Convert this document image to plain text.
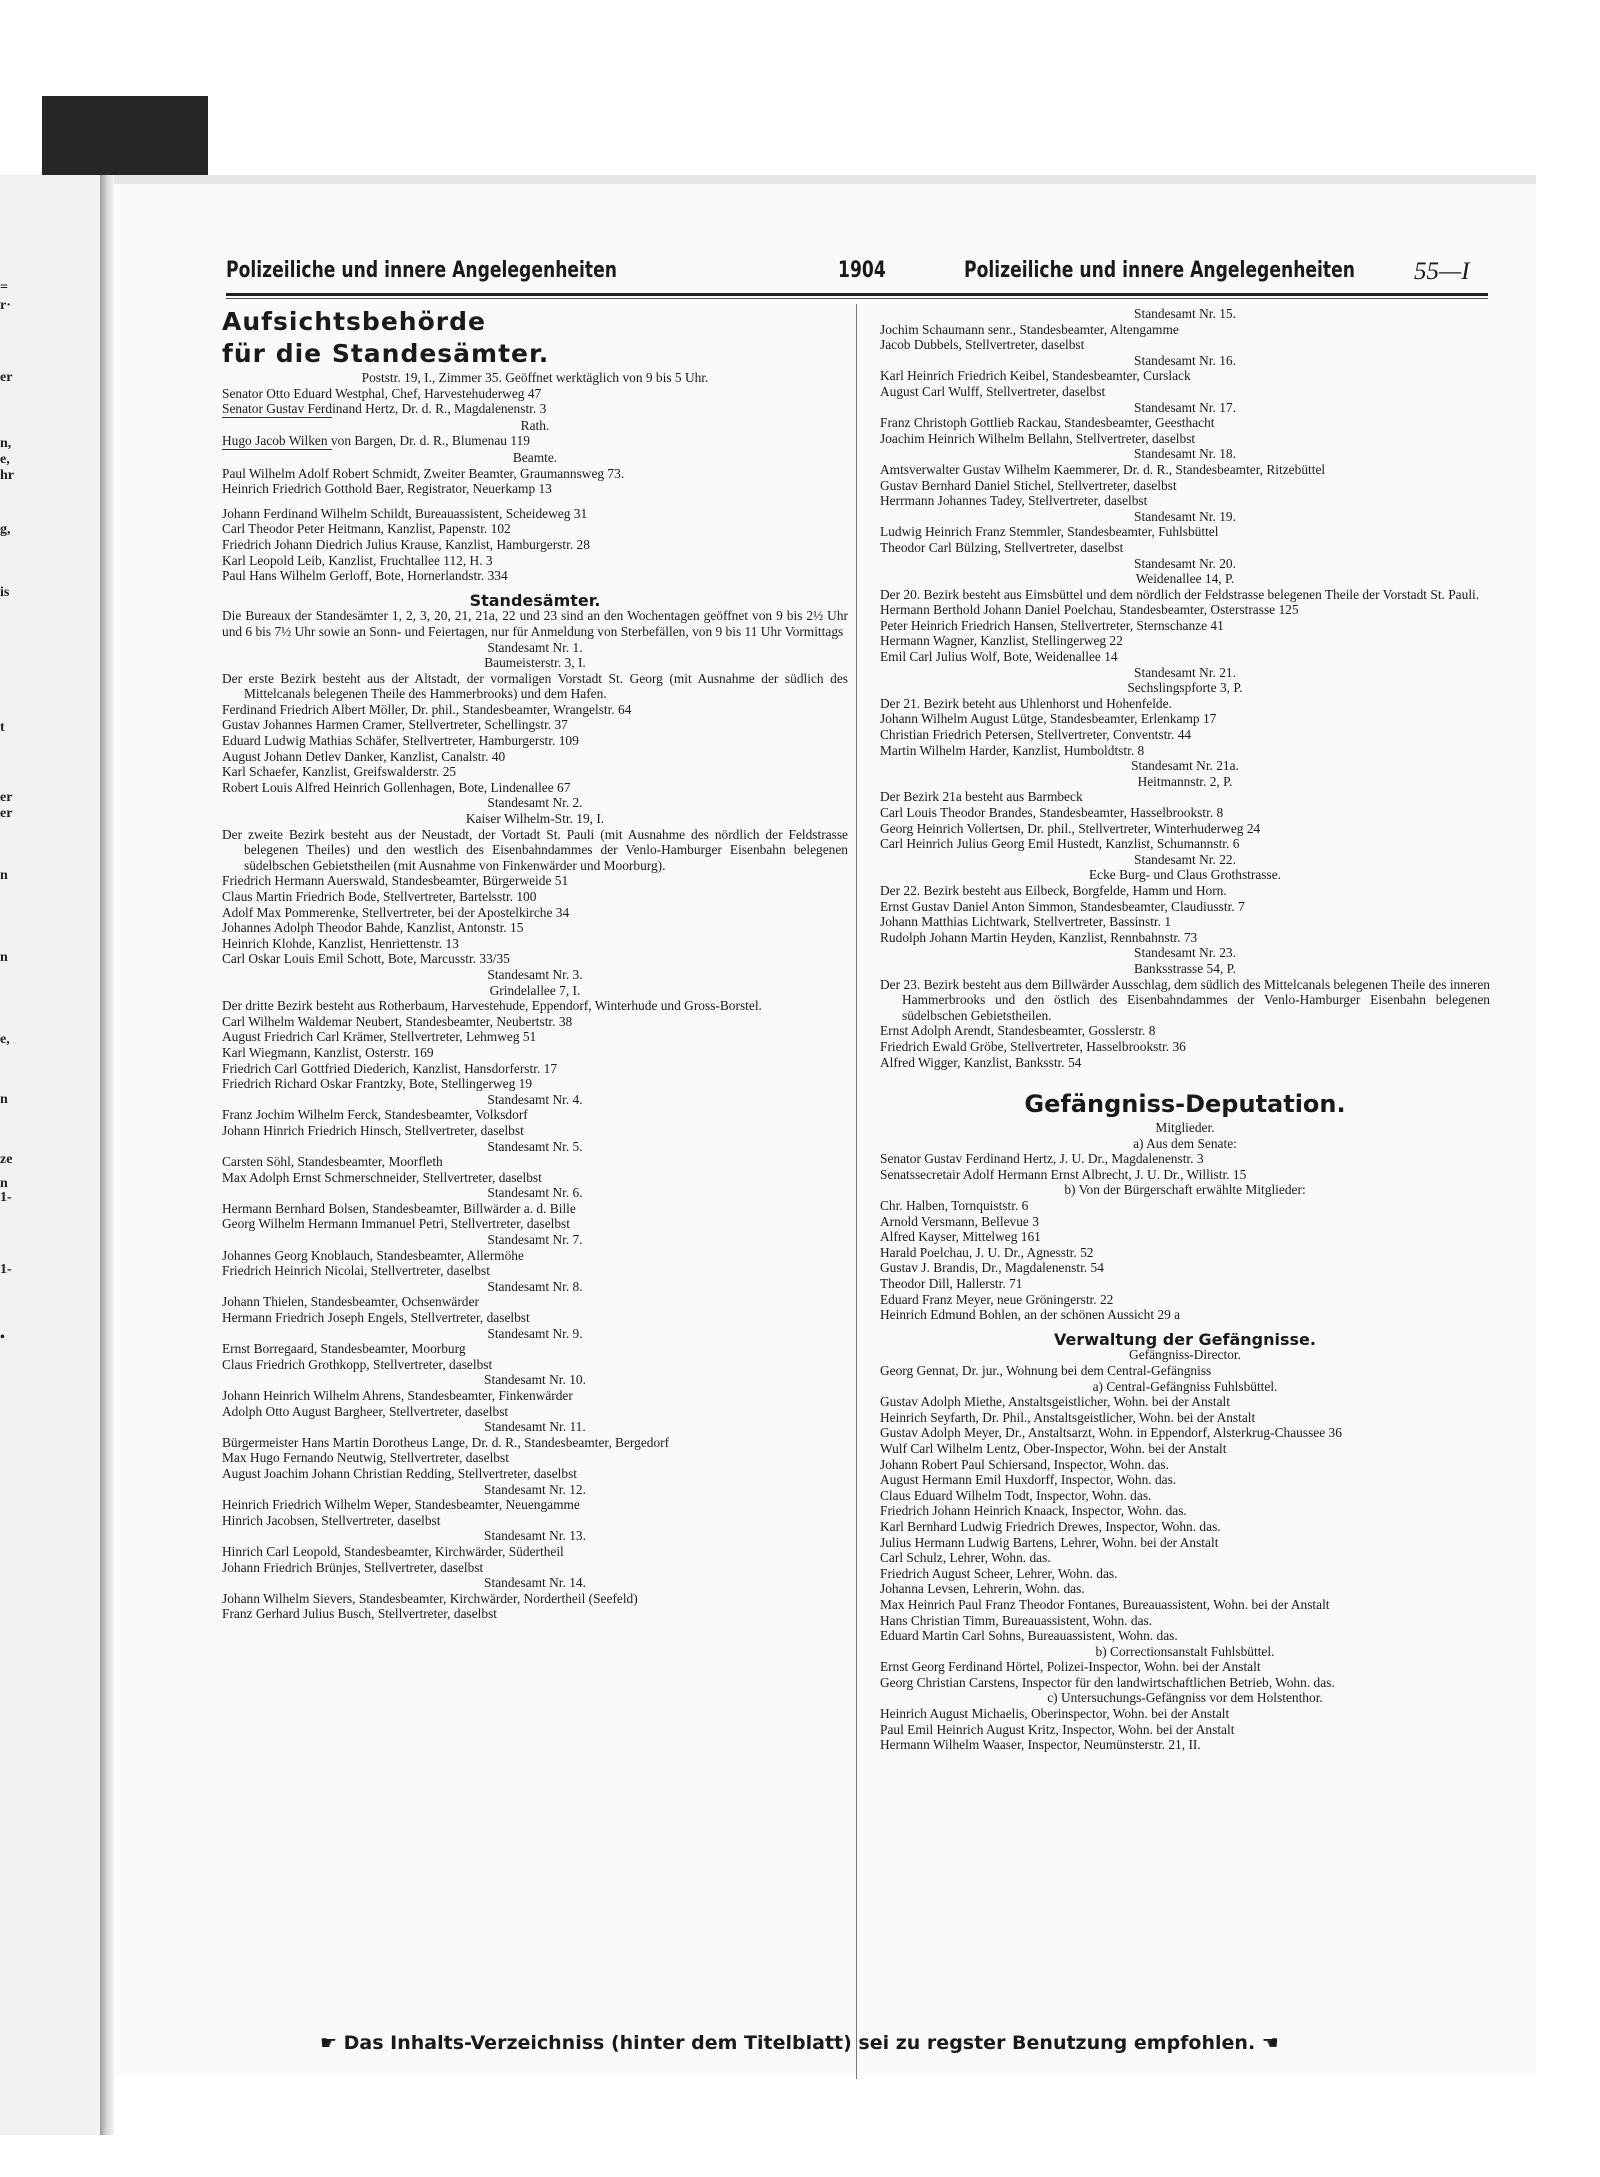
=
r·
er
n,
e,
hr
g,
is
t
er
er
n
n
e,
n
ze
n
1-
1-
•
Polizeiliche und innere Angelegenheiten	1904	Polizeiliche und innere Angelegenheiten 55—I

Aufsichtsbehörde

für die Standesämter.

Poststr. 19, I., Zimmer 35. Geöffnet werktäglich von 9 bis 5 Uhr.

Senator Otto Eduard Westphal, Chef, Harvestehuderweg 47

Senator Gustav Ferdinand Hertz, Dr. d. R., Magdalenenstr. 3

Rath.

Hugo Jacob Wilken von Bargen, Dr. d. R., Blumenau 119

Beamte.

Paul Wilhelm Adolf Robert Schmidt, Zweiter Beamter, Graumannsweg 73.

Heinrich Friedrich Gotthold Baer, Registrator, Neuerkamp 13

Johann Ferdinand Wilhelm Schildt, Bureauassistent, Scheideweg 31

Carl Theodor Peter Heitmann, Kanzlist, Papenstr. 102

Friedrich Johann Diedrich Julius Krause, Kanzlist, Hamburgerstr. 28

Karl Leopold Leib, Kanzlist, Fruchtallee 112, H. 3

Paul Hans Wilhelm Gerloff, Bote, Hornerlandstr. 334

Standesämter.

Die Bureaux der Standesämter 1, 2, 3, 20, 21, 21a, 22 und 23 sind an den Wochentagen geöffnet von 9 bis 2½ Uhr und 6 bis 7½ Uhr sowie an Sonn- und Feiertagen, nur für Anmeldung von Sterbefällen, von 9 bis 11 Uhr Vormittags

Standesamt Nr. 1.

Baumeisterstr. 3, I.

Der erste Bezirk besteht aus der Altstadt, der vormaligen Vorstadt St. Georg (mit Ausnahme der südlich des Mittelcanals belegenen Theile des Hammerbrooks) und dem Hafen.

Ferdinand Friedrich Albert Möller, Dr. phil., Standesbeamter, Wrangelstr. 64

Gustav Johannes Harmen Cramer, Stellvertreter, Schellingstr. 37

Eduard Ludwig Mathias Schäfer, Stellvertreter, Hamburgerstr. 109

August Johann Detlev Danker, Kanzlist, Canalstr. 40

Karl Schaefer, Kanzlist, Greifswalderstr. 25

Robert Louis Alfred Heinrich Gollenhagen, Bote, Lindenallee 67

Standesamt Nr. 2.

Kaiser Wilhelm-Str. 19, I.

Der zweite Bezirk besteht aus der Neustadt, der Vortadt St. Pauli (mit Ausnahme des nördlich der Feldstrasse belegenen Theiles) und den westlich des Eisenbahndammes der Venlo-Hamburger Eisenbahn belegenen südelbschen Gebietstheilen (mit Ausnahme von Finkenwärder und Moorburg).

Friedrich Hermann Auerswald, Standesbeamter, Bürgerweide 51

Claus Martin Friedrich Bode, Stellvertreter, Bartelsstr. 100

Adolf Max Pommerenke, Stellvertreter, bei der Apostelkirche 34

Johannes Adolph Theodor Bahde, Kanzlist, Antonstr. 15

Heinrich Klohde, Kanzlist, Henriettenstr. 13

Carl Oskar Louis Emil Schott, Bote, Marcusstr. 33/35

Standesamt Nr. 3.

Grindelallee 7, I.

Der dritte Bezirk besteht aus Rotherbaum, Harvestehude, Eppendorf, Winterhude und Gross-Borstel.

Carl Wilhelm Waldemar Neubert, Standesbeamter, Neubertstr. 38

August Friedrich Carl Krämer, Stellvertreter, Lehmweg 51

Karl Wiegmann, Kanzlist, Osterstr. 169

Friedrich Carl Gottfried Diederich, Kanzlist, Hansdorferstr. 17

Friedrich Richard Oskar Frantzky, Bote, Stellingerweg 19

Standesamt Nr. 4.

Franz Jochim Wilhelm Ferck, Standesbeamter, Volksdorf

Johann Hinrich Friedrich Hinsch, Stellvertreter, daselbst

Standesamt Nr. 5.

Carsten Söhl, Standesbeamter, Moorfleth

Max Adolph Ernst Schmerschneider, Stellvertreter, daselbst

Standesamt Nr. 6.

Hermann Bernhard Bolsen, Standesbeamter, Billwärder a. d. Bille

Georg Wilhelm Hermann Immanuel Petri, Stellvertreter, daselbst

Standesamt Nr. 7.

Johannes Georg Knoblauch, Standesbeamter, Allermöhe

Friedrich Heinrich Nicolai, Stellvertreter, daselbst

Standesamt Nr. 8.

Johann Thielen, Standesbeamter, Ochsenwärder

Hermann Friedrich Joseph Engels, Stellvertreter, daselbst

Standesamt Nr. 9.

Ernst Borregaard, Standesbeamter, Moorburg

Claus Friedrich Grothkopp, Stellvertreter, daselbst

Standesamt Nr. 10.

Johann Heinrich Wilhelm Ahrens, Standesbeamter, Finkenwärder

Adolph Otto August Bargheer, Stellvertreter, daselbst

Standesamt Nr. 11.

Bürgermeister Hans Martin Dorotheus Lange, Dr. d. R., Standesbeamter, Bergedorf

Max Hugo Fernando Neutwig, Stellvertreter, daselbst

August Joachim Johann Christian Redding, Stellvertreter, daselbst

Standesamt Nr. 12.

Heinrich Friedrich Wilhelm Weper, Standesbeamter, Neuengamme

Hinrich Jacobsen, Stellvertreter, daselbst

Standesamt Nr. 13.

Hinrich Carl Leopold, Standesbeamter, Kirchwärder, Südertheil

Johann Friedrich Brünjes, Stellvertreter, daselbst

Standesamt Nr. 14.

Johann Wilhelm Sievers, Standesbeamter, Kirchwärder, Nordertheil (Seefeld)

Franz Gerhard Julius Busch, Stellvertreter, daselbst

Standesamt Nr. 15.

Jochim Schaumann senr., Standesbeamter, Altengamme

Jacob Dubbels, Stellvertreter, daselbst

Standesamt Nr. 16.

Karl Heinrich Friedrich Keibel, Standesbeamter, Curslack

August Carl Wulff, Stellvertreter, daselbst

Standesamt Nr. 17.

Franz Christoph Gottlieb Rackau, Standesbeamter, Geesthacht

Joachim Heinrich Wilhelm Bellahn, Stellvertreter, daselbst

Standesamt Nr. 18.

Amtsverwalter Gustav Wilhelm Kaemmerer, Dr. d. R., Standesbeamter, Ritzebüttel

Gustav Bernhard Daniel Stichel, Stellvertreter, daselbst

Herrmann Johannes Tadey, Stellvertreter, daselbst

Standesamt Nr. 19.

Ludwig Heinrich Franz Stemmler, Standesbeamter, Fuhlsbüttel

Theodor Carl Bülzing, Stellvertreter, daselbst

Standesamt Nr. 20.

Weidenallee 14, P.

Der 20. Bezirk besteht aus Eimsbüttel und dem nördlich der Feldstrasse belegenen Theile der Vorstadt St. Pauli.

Hermann Berthold Johann Daniel Poelchau, Standesbeamter, Osterstrasse 125

Peter Heinrich Friedrich Hansen, Stellvertreter, Sternschanze 41

Hermann Wagner, Kanzlist, Stellingerweg 22

Emil Carl Julius Wolf, Bote, Weidenallee 14

Standesamt Nr. 21.

Sechslingspforte 3, P.

Der 21. Bezirk beteht aus Uhlenhorst und Hohenfelde.

Johann Wilhelm August Lütge, Standesbeamter, Erlenkamp 17

Christian Friedrich Petersen, Stellvertreter, Conventstr. 44

Martin Wilhelm Harder, Kanzlist, Humboldtstr. 8

Standesamt Nr. 21a.

Heitmannstr. 2, P.

Der Bezirk 21a besteht aus Barmbeck

Carl Louis Theodor Brandes, Standesbeamter, Hasselbrookstr. 8

Georg Heinrich Vollertsen, Dr. phil., Stellvertreter, Winterhuderweg 24

Carl Heinrich Julius Georg Emil Hustedt, Kanzlist, Schumannstr. 6

Standesamt Nr. 22.

Ecke Burg- und Claus Grothstrasse.

Der 22. Bezirk besteht aus Eilbeck, Borgfelde, Hamm und Horn.

Ernst Gustav Daniel Anton Simmon, Standesbeamter, Claudiusstr. 7

Johann Matthias Lichtwark, Stellvertreter, Bassinstr. 1

Rudolph Johann Martin Heyden, Kanzlist, Rennbahnstr. 73

Standesamt Nr. 23.

Banksstrasse 54, P.

Der 23. Bezirk besteht aus dem Billwärder Ausschlag, dem südlich des Mittelcanals belegenen Theile des inneren Hammerbrooks und den östlich des Eisenbahndammes der Venlo-Hamburger Eisenbahn belegenen südelbschen Gebietstheilen.

Ernst Adolph Arendt, Standesbeamter, Gosslerstr. 8

Friedrich Ewald Gröbe, Stellvertreter, Hasselbrookstr. 36

Alfred Wigger, Kanzlist, Banksstr. 54

Gefängniss-Deputation.

Mitglieder.

a) Aus dem Senate:

Senator Gustav Ferdinand Hertz, J. U. Dr., Magdalenenstr. 3

Senatssecretair Adolf Hermann Ernst Albrecht, J. U. Dr., Willistr. 15

b) Von der Bürgerschaft erwählte Mitglieder:

Chr. Halben, Tornquiststr. 6

Arnold Versmann, Bellevue 3

Alfred Kayser, Mittelweg 161

Harald Poelchau, J. U. Dr., Agnesstr. 52

Gustav J. Brandis, Dr., Magdalenenstr. 54

Theodor Dill, Hallerstr. 71

Eduard Franz Meyer, neue Gröningerstr. 22

Heinrich Edmund Bohlen, an der schönen Aussicht 29 a

Verwaltung der Gefängnisse.

Gefängniss-Director.

Georg Gennat, Dr. jur., Wohnung bei dem Central-Gefängniss

a) Central-Gefängniss Fuhlsbüttel.

Gustav Adolph Miethe, Anstaltsgeistlicher, Wohn. bei der Anstalt

Heinrich Seyfarth, Dr. Phil., Anstaltsgeistlicher, Wohn. bei der Anstalt

Gustav Adolph Meyer, Dr., Anstaltsarzt, Wohn. in Eppendorf, Alsterkrug-Chaussee 36

Wulf Carl Wilhelm Lentz, Ober-Inspector, Wohn. bei der Anstalt

Johann Robert Paul Schiersand, Inspector, Wohn. das.

August Hermann Emil Huxdorff, Inspector, Wohn. das.

Claus Eduard Wilhelm Todt, Inspector, Wohn. das.

Friedrich Johann Heinrich Knaack, Inspector, Wohn. das.

Karl Bernhard Ludwig Friedrich Drewes, Inspector, Wohn. das.

Julius Hermann Ludwig Bartens, Lehrer, Wohn. bei der Anstalt

Carl Schulz, Lehrer, Wohn. das.

Friedrich August Scheer, Lehrer, Wohn. das.

Johanna Levsen, Lehrerin, Wohn. das.

Max Heinrich Paul Franz Theodor Fontanes, Bureauassistent, Wohn. bei der Anstalt

Hans Christian Timm, Bureauassistent, Wohn. das.

Eduard Martin Carl Sohns, Bureauassistent, Wohn. das.

b) Correctionsanstalt Fuhlsbüttel.

Ernst Georg Ferdinand Hörtel, Polizei-Inspector, Wohn. bei der Anstalt

Georg Christian Carstens, Inspector für den landwirtschaftlichen Betrieb, Wohn. das.

c) Untersuchungs-Gefängniss vor dem Holstenthor.

Heinrich August Michaelis, Oberinspector, Wohn. bei der Anstalt

Paul Emil Heinrich August Kritz, Inspector, Wohn. bei der Anstalt

Hermann Wilhelm Waaser, Inspector, Neumünsterstr. 21, II.

☛ Das Inhalts-Verzeichniss (hinter dem Titelblatt) sei zu regster Benutzung empfohlen. ☚
